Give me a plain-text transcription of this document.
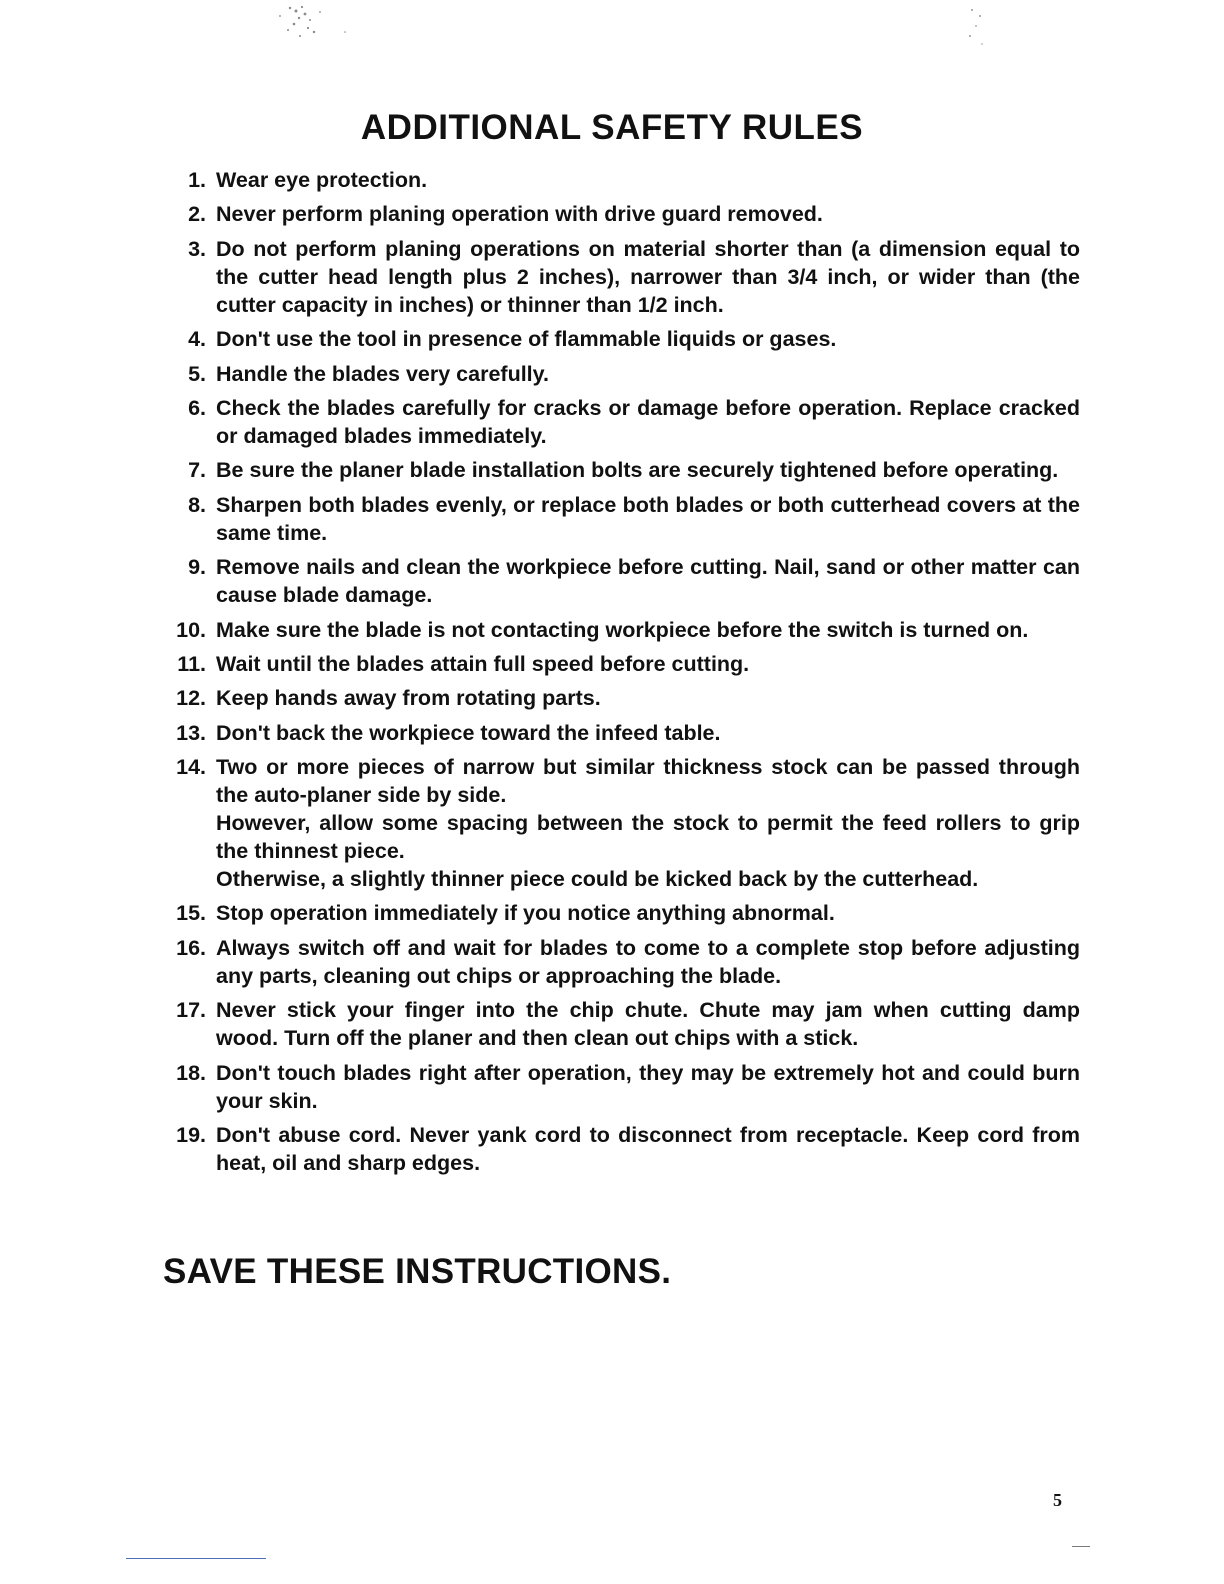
ADDITIONAL SAFETY RULES
1. Wear eye protection.

2. Never perform planing operation with drive guard removed.

3. Do not perform planing operations on material shorter than (a dimension equal to the cutter head length plus 2 inches), narrower than 3/4 inch, or wider than (the cutter capacity in inches) or thinner than 1/2 inch.

4. Don't use the tool in presence of flammable liquids or gases.

5. Handle the blades very carefully.

6. Check the blades carefully for cracks or damage before operation. Replace cracked or damaged blades immediately.

7. Be sure the planer blade installation bolts are securely tightened before operating.

8. Sharpen both blades evenly, or replace both blades or both cutterhead covers at the same time.

9. Remove nails and clean the workpiece before cutting. Nail, sand or other matter can cause blade damage.

10. Make sure the blade is not contacting workpiece before the switch is turned on.

11. Wait until the blades attain full speed before cutting.

12. Keep hands away from rotating parts.

13. Don't back the workpiece toward the infeed table.

14. Two or more pieces of narrow but similar thickness stock can be passed through the auto-planer side by side.

However, allow some spacing between the stock to permit the feed rollers to grip the thinnest piece.

Otherwise, a slightly thinner piece could be kicked back by the cutterhead.

15. Stop operation immediately if you notice anything abnormal.

16. Always switch off and wait for blades to come to a complete stop before adjusting any parts, cleaning out chips or approaching the blade.

17. Never stick your finger into the chip chute. Chute may jam when cutting damp wood. Turn off the planer and then clean out chips with a stick.

18. Don't touch blades right after operation, they may be extremely hot and could burn your skin.

19. Don't abuse cord. Never yank cord to disconnect from receptacle. Keep cord from heat, oil and sharp edges.

SAVE THESE INSTRUCTIONS.
5
